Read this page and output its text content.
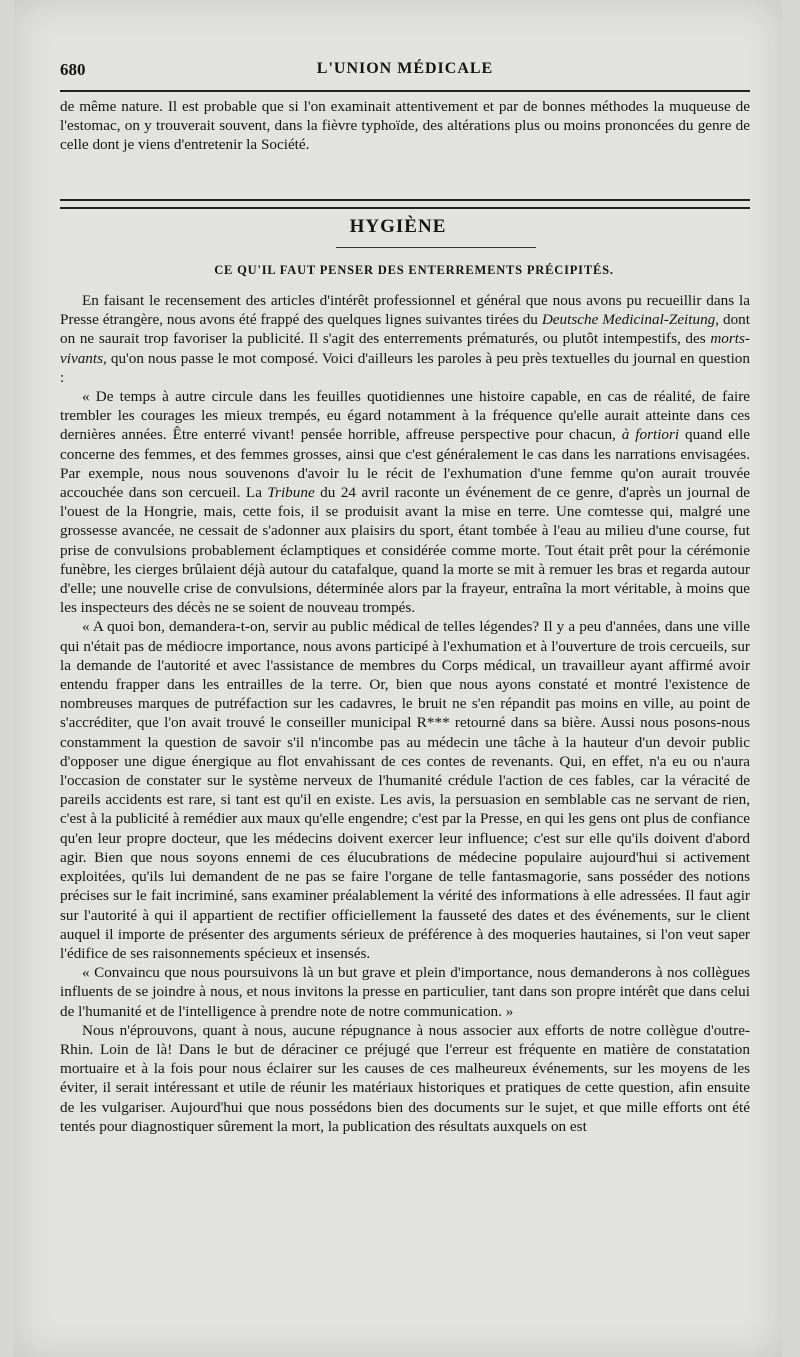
680	L'UNION MÉDICALE

de même nature. Il est probable que si l'on examinait attentivement et par de bonnes méthodes la muqueuse de l'estomac, on y trouverait souvent, dans la fièvre typhoïde, des altérations plus ou moins prononcées du genre de celle dont je viens d'entretenir la Société.

HYGIÈNE
CE QU'IL FAUT PENSER DES ENTERREMENTS PRÉCIPITÉS.

En faisant le recensement des articles d'intérêt professionnel et général que nous avons pu recueillir dans la Presse étrangère, nous avons été frappé des quelques lignes suivantes tirées du Deutsche Medicinal-Zeitung, dont on ne saurait trop favoriser la publicité. Il s'agit des enterrements prématurés, ou plutôt intempestifs, des morts-vivants, qu'on nous passe le mot composé. Voici d'ailleurs les paroles à peu près textuelles du journal en question :

« De temps à autre circule dans les feuilles quotidiennes une histoire capable, en cas de réalité, de faire trembler les courages les mieux trempés, eu égard notamment à la fréquence qu'elle aurait atteinte dans ces dernières années. Être enterré vivant! pensée horrible, affreuse perspective pour chacun, à fortiori quand elle concerne des femmes, et des femmes grosses, ainsi que c'est généralement le cas dans les narrations envisagées. Par exemple, nous nous souvenons d'avoir lu le récit de l'exhumation d'une femme qu'on aurait trouvée accouchée dans son cercueil. La Tribune du 24 avril raconte un événement de ce genre, d'après un journal de l'ouest de la Hongrie, mais, cette fois, il se produisit avant la mise en terre. Une comtesse qui, malgré une grossesse avancée, ne cessait de s'adonner aux plaisirs du sport, étant tombée à l'eau au milieu d'une course, fut prise de convulsions probablement éclamptiques et considérée comme morte. Tout était prêt pour la cérémonie funèbre, les cierges brûlaient déjà autour du catafalque, quand la morte se mit à remuer les bras et regarda autour d'elle; une nouvelle crise de convulsions, déterminée alors par la frayeur, entraîna la mort véritable, à moins que les inspecteurs des décès ne se soient de nouveau trompés.

« A quoi bon, demandera-t-on, servir au public médical de telles légendes? Il y a peu d'années, dans une ville qui n'était pas de médiocre importance, nous avons participé à l'exhumation et à l'ouverture de trois cercueils, sur la demande de l'autorité et avec l'assistance de membres du Corps médical, un travailleur ayant affirmé avoir entendu frapper dans les entrailles de la terre. Or, bien que nous ayons constaté et montré l'existence de nombreuses marques de putréfaction sur les cadavres, le bruit ne s'en répandit pas moins en ville, au point de s'accréditer, que l'on avait trouvé le conseiller municipal R*** retourné dans sa bière. Aussi nous posons-nous constamment la question de savoir s'il n'incombe pas au médecin une tâche à la hauteur d'un devoir public d'opposer une digue énergique au flot envahissant de ces contes de revenants. Qui, en effet, n'a eu ou n'aura l'occasion de constater sur le système nerveux de l'humanité crédule l'action de ces fables, car la véracité de pareils accidents est rare, si tant est qu'il en existe. Les avis, la persuasion en semblable cas ne servant de rien, c'est à la publicité à remédier aux maux qu'elle engendre; c'est par la Presse, en qui les gens ont plus de confiance qu'en leur propre docteur, que les médecins doivent exercer leur influence; c'est sur elle qu'ils doivent d'abord agir. Bien que nous soyons ennemi de ces élucubrations de médecine populaire aujourd'hui si activement exploitées, qu'ils lui demandent de ne pas se faire l'organe de telle fantasmagorie, sans posséder des notions précises sur le fait incriminé, sans examiner préalablement la vérité des informations à elle adressées. Il faut agir sur l'autorité à qui il appartient de rectifier officiellement la fausseté des dates et des événements, sur le client auquel il importe de présenter des arguments sérieux de préférence à des moqueries hautaines, si l'on veut saper l'édifice de ses raisonnements spécieux et insensés.

« Convaincu que nous poursuivons là un but grave et plein d'importance, nous demanderons à nos collègues influents de se joindre à nous, et nous invitons la presse en particulier, tant dans son propre intérêt que dans celui de l'humanité et de l'intelligence à prendre note de notre communication. »

Nous n'éprouvons, quant à nous, aucune répugnance à nous associer aux efforts de notre collègue d'outre-Rhin. Loin de là! Dans le but de déraciner ce préjugé que l'erreur est fréquente en matière de constatation mortuaire et à la fois pour nous éclairer sur les causes de ces malheureux événements, sur les moyens de les éviter, il serait intéressant et utile de réunir les matériaux historiques et pratiques de cette question, afin ensuite de les vulgariser. Aujourd'hui que nous possédons bien des documents sur le sujet, et que mille efforts ont été tentés pour diagnostiquer sûrement la mort, la publication des résultats auxquels on est
